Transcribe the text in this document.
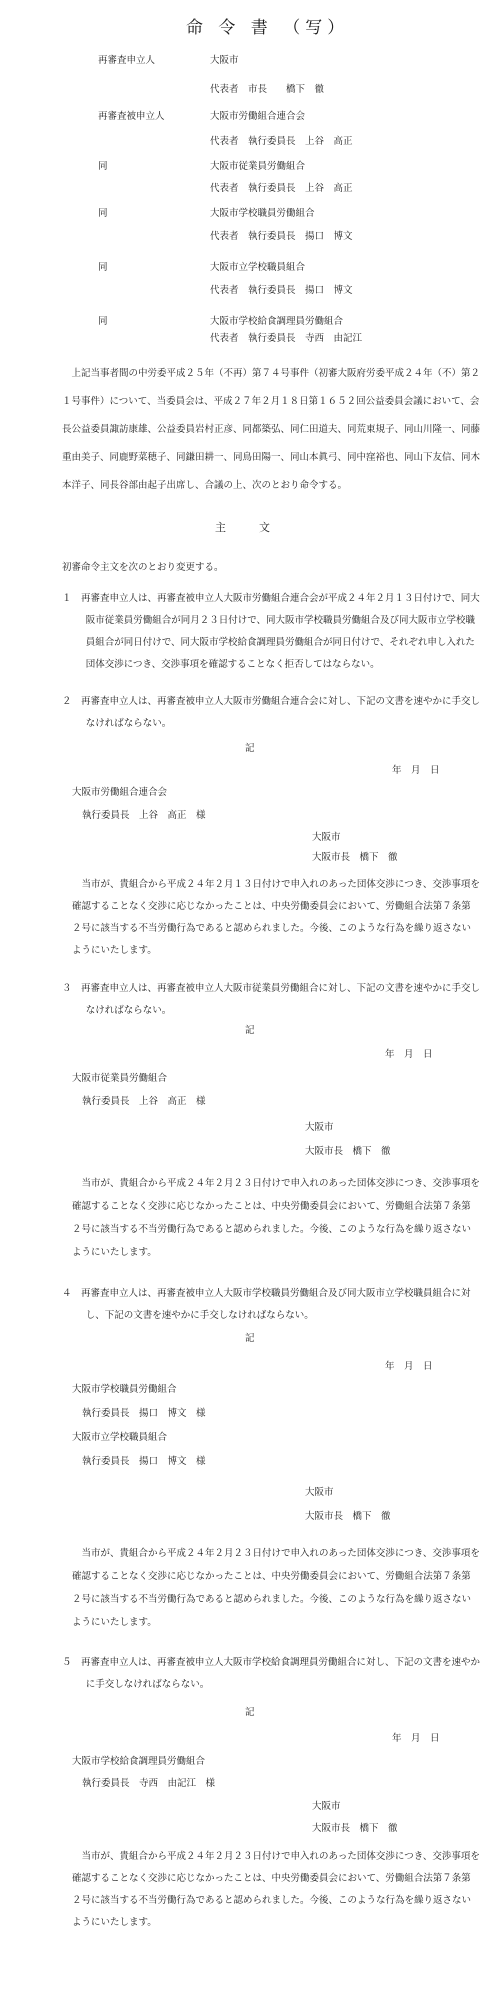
命 令 書 （写）
再審査申立人	大阪市
代表者　市長　　橋下　徹
再審査被申立人	大阪市労働組合連合会
代表者　執行委員長　上谷　高正
同	大阪市従業員労働組合
代表者　執行委員長　上谷　高正
同	大阪市学校職員労働組合
代表者　執行委員長　揚口　博文
同	大阪市立学校職員組合
代表者　執行委員長　揚口　博文
同	大阪市学校給食調理員労働組合
代表者　執行委員長　寺西　由記江
上記当事者間の中労委平成２５年（不再）第７４号事件（初審大阪府労委平成２４年（不）第２１号事件）について、当委員会は、平成２７年２月１８日第１６５２回公益委員会議において、会長公益委員諏訪康雄、公益委員岩村正彦、同都築弘、同仁田道夫、同荒東規子、同山川隆一、同藤重由美子、同鹿野菜穂子、同鎌田耕一、同鳥田陽一、同山本眞弓、同中窪裕也、同山下友信、同木本洋子、同長谷部由起子出席し、合議の上、次のとおり命令する。
主　　　文
初審命令主文を次のとおり変更する。
１　再審査申立人は、再審査被申立人大阪市労働組合連合会が平成２４年２月１３日付けで、同大阪市従業員労働組合が同月２３日付けで、同大阪市学校職員労働組合及び同大阪市立学校職員組合が同日付けで、同大阪市学校給食調理員労働組合が同日付けで、それぞれ申し入れた団体交渉につき、交渉事項を確認することなく拒否してはならない。
２　再審査申立人は、再審査被申立人大阪市労働組合連合会に対し、下記の文書を速やかに手交しなければならない。
記
年　月　日
大阪市労働組合連合会
執行委員長　上谷　高正　様
大阪市
大阪市長　橋下　徹
当市が、貴組合から平成２４年２月１３日付けで申入れのあった団体交渉につき、交渉事項を確認することなく交渉に応じなかったことは、中央労働委員会において、労働組合法第７条第２号に該当する不当労働行為であると認められました。今後、このような行為を繰り返さないようにいたします。
３　再審査申立人は、再審査被申立人大阪市従業員労働組合に対し、下記の文書を速やかに手交しなければならない。
記
年　月　日
大阪市従業員労働組合
執行委員長　上谷　高正　様
大阪市
大阪市長　橋下　徹
当市が、貴組合から平成２４年２月２３日付けで申入れのあった団体交渉につき、交渉事項を確認することなく交渉に応じなかったことは、中央労働委員会において、労働組合法第７条第２号に該当する不当労働行為であると認められました。今後、このような行為を繰り返さないようにいたします。
４　再審査申立人は、再審査被申立人大阪市学校職員労働組合及び同大阪市立学校職員組合に対し、下記の文書を速やかに手交しなければならない。
記
年　月　日
大阪市学校職員労働組合
執行委員長　揚口　博文　様
大阪市立学校職員組合
執行委員長　揚口　博文　様
大阪市
大阪市長　橋下　徹
当市が、貴組合から平成２４年２月２３日付けで申入れのあった団体交渉につき、交渉事項を確認することなく交渉に応じなかったことは、中央労働委員会において、労働組合法第７条第２号に該当する不当労働行為であると認められました。今後、このような行為を繰り返さないようにいたします。
５　再審査申立人は、再審査被申立人大阪市学校給食調理員労働組合に対し、下記の文書を速やかに手交しなければならない。
記
年　月　日
大阪市学校給食調理員労働組合
執行委員長　寺西　由記江　様
大阪市
大阪市長　橋下　徹
当市が、貴組合から平成２４年２月２３日付けで申入れのあった団体交渉につき、交渉事項を確認することなく交渉に応じなかったことは、中央労働委員会において、労働組合法第７条第２号に該当する不当労働行為であると認められました。今後、このような行為を繰り返さないようにいたします。
